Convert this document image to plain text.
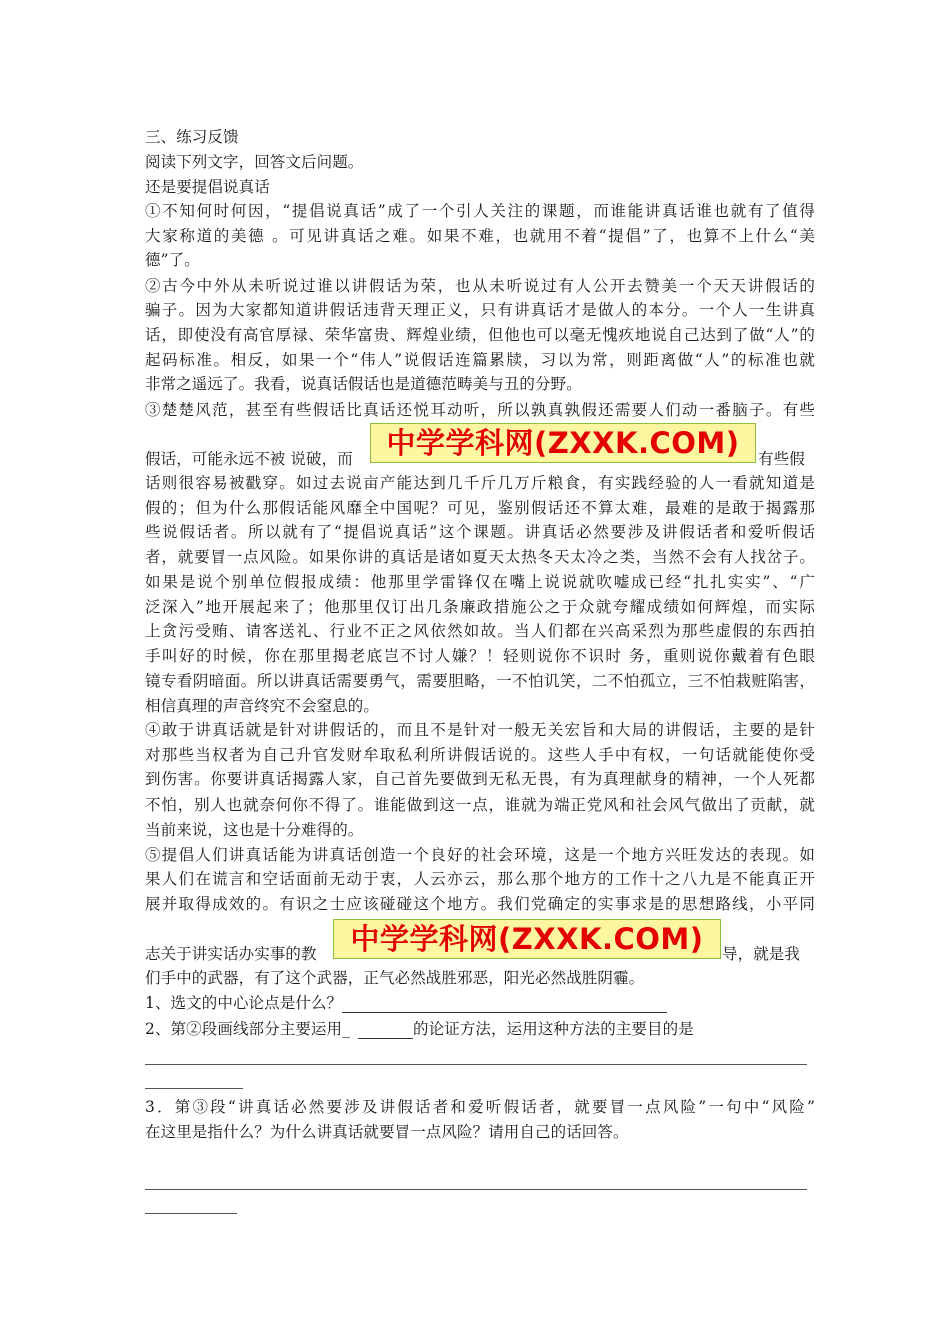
三、练习反馈
阅读下列文字，回答文后问题。
还是要提倡说真话
①不知何时何因，“提倡说真话”成了一个引人关注的课题，而谁能讲真话谁也就有了值得
大家称道的美德 。可见讲真话之难。如果不难，也就用不着“提倡”了，也算不上什么“美
德”了。
②古今中外从未听说过谁以讲假话为荣，也从未听说过有人公开去赞美一个天天讲假话的
骗子。因为大家都知道讲假话违背天理正义，只有讲真话才是做人的本分。一个人一生讲真
话，即使没有高官厚禄、荣华富贵、辉煌业绩，但他也可以毫无愧疚地说自己达到了做“人”的
起码标准。相反，如果一个“伟人”说假话连篇累牍，习以为常，则距离做“人”的标准也就
非常之遥远了。我看，说真话假话也是道德范畴美与丑的分野。
③楚楚风范，甚至有些假话比真话还悦耳动听，所以孰真孰假还需要人们动一番脑子。有些
假话，可能永远不被 说破，而	中学学科网(ZXXK.COM)	有些假
话则很容易被戳穿。如过去说亩产能达到几千斤几万斤粮食，有实践经验的人一看就知道是
假的；但为什么那假话能风靡全中国呢？可见，鉴别假话还不算太难，最难的是敢于揭露那
些说假话者。所以就有了“提倡说真话”这个课题。讲真话必然要涉及讲假话者和爱听假话
者，就要冒一点风险。如果你讲的真话是诸如夏天太热冬天太冷之类，当然不会有人找岔子。
如果是说个别单位假报成绩：他那里学雷锋仅在嘴上说说就吹嘘成已经“扎扎实实”、“广
泛深入”地开展起来了；他那里仅订出几条廉政措施公之于众就夸耀成绩如何辉煌，而实际
上贪污受贿、请客送礼、行业不正之风依然如故。当人们都在兴高采烈为那些虚假的东西拍
手叫好的时候，你在那里揭老底岂不讨人嫌？！轻则说你不识时 务，重则说你戴着有色眼
镜专看阴暗面。所以讲真话需要勇气，需要胆略，一不怕讥笑，二不怕孤立，三不怕栽赃陷害，
相信真理的声音终究不会窒息的。
④敢于讲真话就是针对讲假话的，而且不是针对一般无关宏旨和大局的讲假话，主要的是针
对那些当权者为自己升官发财牟取私利所讲假话说的。这些人手中有权，一句话就能使你受
到伤害。你要讲真话揭露人家，自己首先要做到无私无畏，有为真理献身的精神，一个人死都
不怕，别人也就奈何你不得了。谁能做到这一点，谁就为端正党风和社会风气做出了贡献，就
当前来说，这也是十分难得的。
⑤提倡人们讲真话能为讲真话创造一个良好的社会环境，这是一个地方兴旺发达的表现。如
果人们在谎言和空话面前无动于衷，人云亦云，那么那个地方的工作十之八九是不能真正开
展并取得成效的。有识之士应该碰碰这个地方。我们党确定的实事求是的思想路线，小平同
志关于讲实话办实事的教	中学学科网(ZXXK.COM)	导，就是我
们手中的武器，有了这个武器，正气必然战胜邪恶，阳光必然战胜阴霾。
1、选文的中心论点是什么？
2、第②段画线部分主要运用_	的论证方法，运用这种方法的主要目的是
3．第③段“讲真话必然要涉及讲假话者和爱听假话者，就要冒一点风险”一句中“风险”
在这里是指什么？为什么讲真话就要冒一点风险？请用自己的话回答。
